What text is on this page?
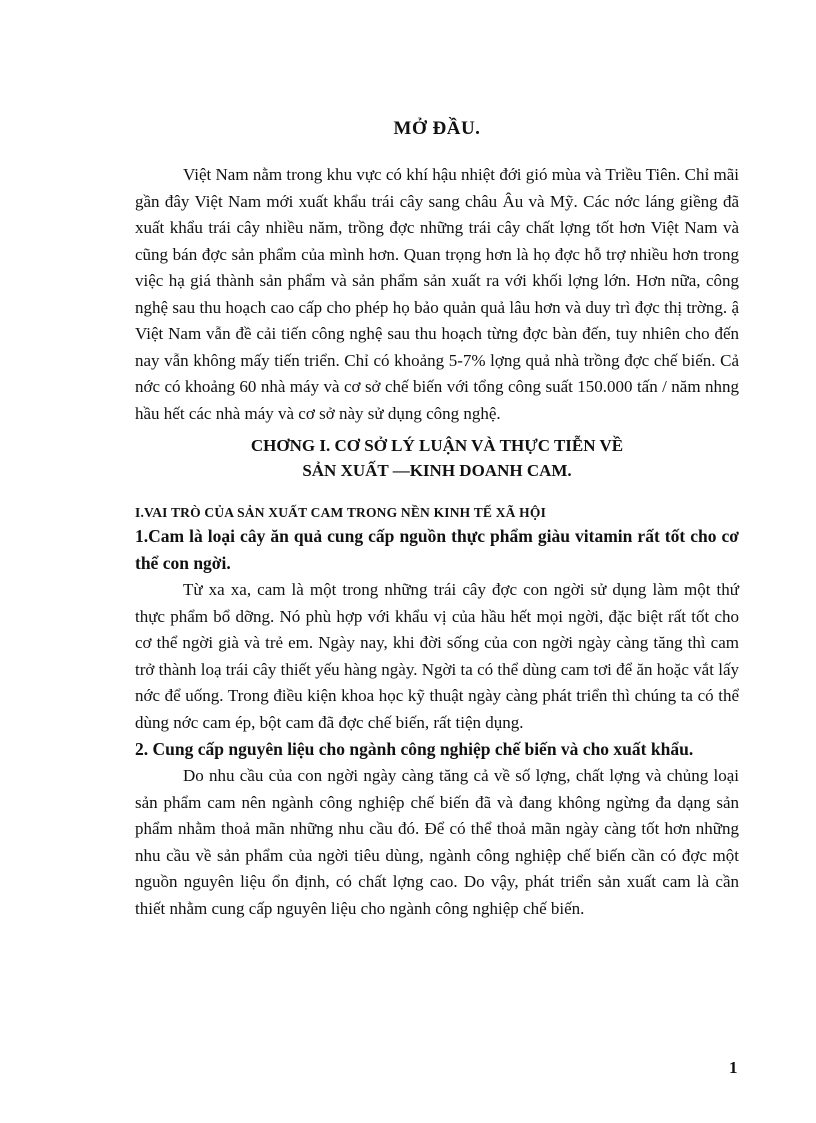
MỞ ĐẦU.

Việt Nam nằm trong khu vực có khí hậu nhiệt đới gió mùa và Triều Tiên. Chỉ mãi gần đây Việt Nam mới xuất khẩu trái cây sang châu Âu và Mỹ. Các nớc láng giềng đã xuất khẩu trái cây nhiều năm, trồng đợc những trái cây chất lợng tốt hơn Việt Nam và cũng bán đợc sản phẩm của mình hơn. Quan trọng hơn là họ đợc hỗ trợ nhiều hơn trong việc hạ giá thành sản phẩm và sản phẩm sản xuất ra với khối lợng lớn. Hơn nữa, công nghệ sau thu hoạch cao cấp cho phép họ bảo quản quả lâu hơn và duy trì đợc thị trờng. ậ Việt Nam vẫn đề cải tiến công nghệ sau thu hoạch từng đợc bàn đến, tuy nhiên cho đến nay vẫn không mấy tiến triển. Chỉ có khoảng 5-7% lợng quả nhà trồng đợc chế biến. Cả nớc có khoảng 60 nhà máy và cơ sở chế biến với tổng công suất 150.000 tấn / năm nhng hầu hết các nhà máy và cơ sở này sử dụng công nghệ.

CHƠNG I. CƠ SỞ LÝ LUẬN VÀ THỰC TIỄN VỀ
SẢN XUẤT —KINH DOANH CAM.
I.VAI TRÒ CỦA SẢN XUẤT CAM TRONG NỀN KINH TẾ XÃ HỘI
1.Cam là loại cây ăn quả cung cấp nguồn thực phẩm giàu vitamin rất tốt cho cơ thể con ngời.

Từ xa xa, cam là một trong những trái cây đợc con ngời sử dụng làm một thứ thực phẩm bổ dỡng. Nó phù hợp với khẩu vị của hầu hết mọi ngời, đặc biệt rất tốt cho cơ thể ngời già và trẻ em. Ngày nay, khi đời sống của con ngời ngày càng tăng thì cam trở thành loạ trái cây thiết yếu hàng ngày. Ngời ta có thể dùng cam tơi để ăn hoặc vắt lấy nớc để uống. Trong điều kiện khoa học kỹ thuật ngày càng phát triển thì chúng ta có thể dùng nớc cam ép, bột cam đã đợc chế biến, rất tiện dụng.

2. Cung cấp nguyên liệu cho ngành công nghiệp chế biến và cho xuất khẩu.

Do nhu cầu của con ngời ngày càng tăng cả về số lợng, chất lợng và chủng loại sản phẩm cam nên ngành công nghiệp chế biến đã và đang không ngừng đa dạng sản phẩm nhằm thoả mãn những nhu cầu đó. Để có thể thoả mãn ngày càng tốt hơn những nhu cầu về sản phẩm của ngời tiêu dùng, ngành công nghiệp chế biến cần có đợc một nguồn nguyên liệu ổn định, có chất lợng cao. Do vậy, phát triển sản xuất cam là cần thiết nhằm cung cấp nguyên liệu cho ngành công nghiệp chế biến.

1
